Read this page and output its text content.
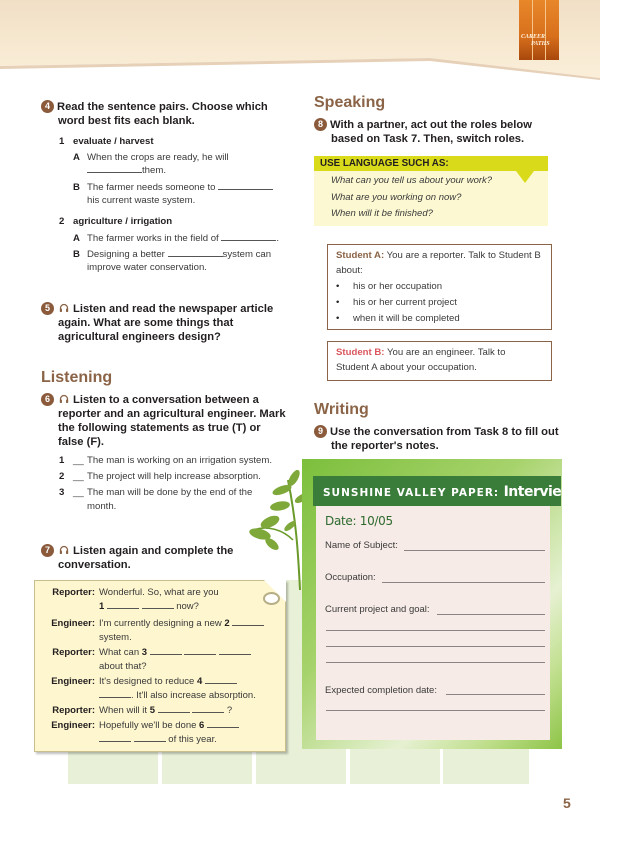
CAREER
PATHS
4 Read the sentence pairs. Choose which
word best fits each blank.
1 evaluate / harvest
A When the crops are ready, he will
them.
B The farmer needs someone to
his current waste system.
2 agriculture / irrigation
A The farmer works in the field of	.
B Designing a better	system can
improve water conservation.
5 Listen and read the newspaper article
again. What are some things that
agricultural engineers design?
Listening
6 Listen to a conversation between a
reporter and an agricultural engineer. Mark
the following statements as true (T) or
false (F).
1 __ The man is working on an irrigation system.
2 __ The project will help increase absorption.
3 __ The man will be done by the end of the
month.
7 Listen again and complete the
conversation.
Reporter: Wonderful. So, what are you
1	now?
Engineer: I'm currently designing a new 2
system.
Reporter: What can 3
about that?
Engineer: It's designed to reduce 4
. It'll also increase absorption.
Reporter: When will it 5	?
Engineer: Hopefully we'll be done 6
of this year.
Speaking
8 With a partner, act out the roles below
based on Task 7. Then, switch roles.
USE LANGUAGE SUCH AS:
What can you tell us about your work?
What are you working on now?
When will it be finished?
Student A: You are a reporter. Talk to Student B
about:
• his or her occupation
• his or her current project
• when it will be completed
Student B: You are an engineer. Talk to
Student A about your occupation.
Writing
9 Use the conversation from Task 8 to fill out
the reporter's notes.
SUNSHINE VALLEY PAPER: Interview Notes
Date: 10/05
Name of Subject:
Occupation:
Current project and goal:
Expected completion date:
5
